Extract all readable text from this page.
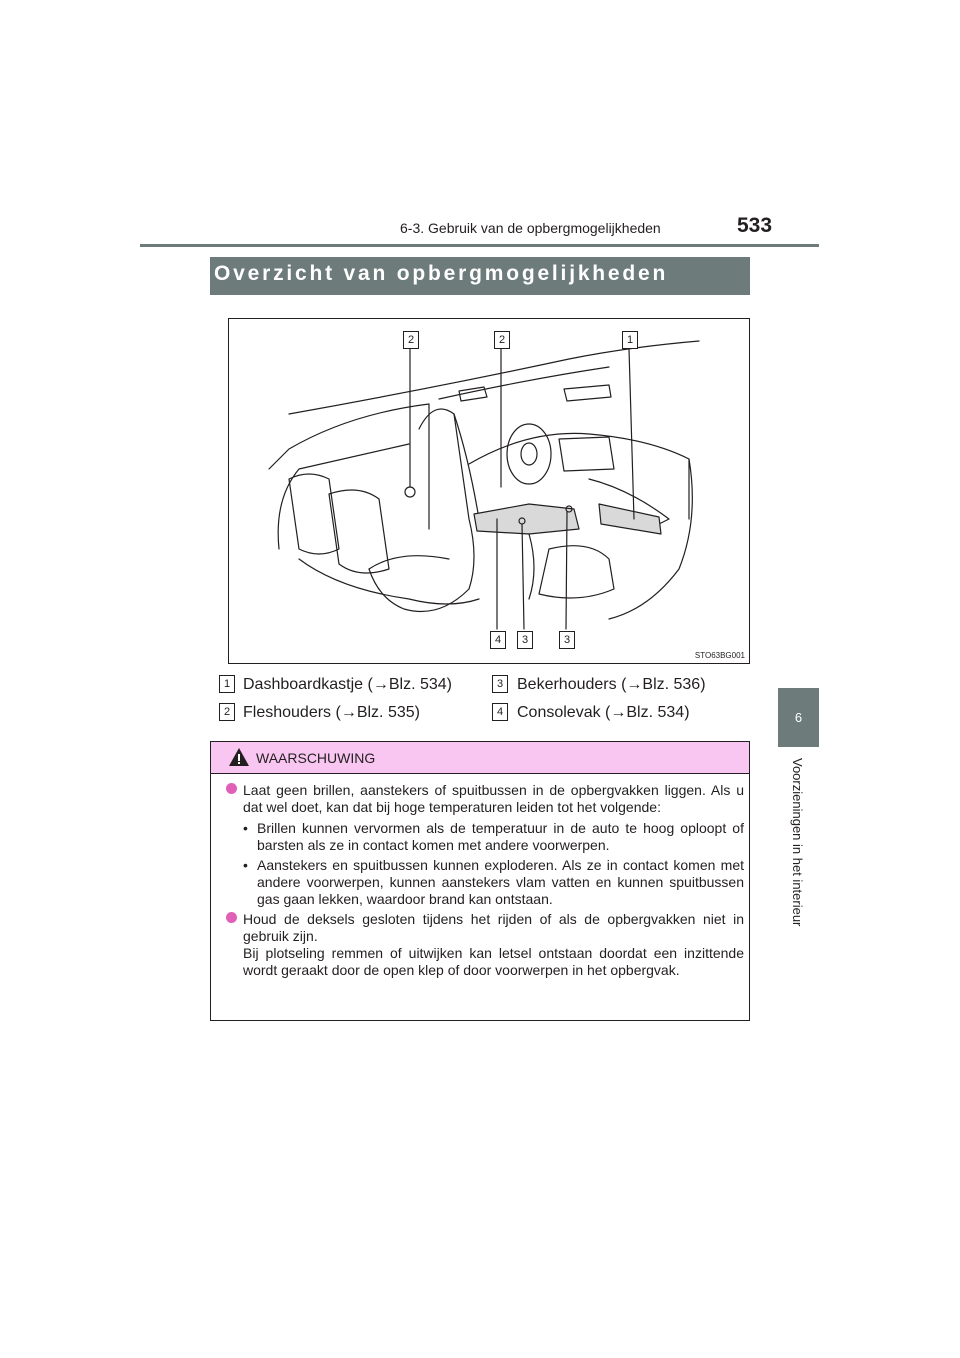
6-3. Gebruik van de opbergmogelijkheden	533
6
Voorzieningen in het interieur
Overzicht van opbergmogelijkheden
2	2	1
4	3	3
STO63BG001
1 Dashboardkastje (→Blz. 534)
2 Fleshouders (→Blz. 535)
3 Bekerhouders (→Blz. 536)
4 Consolevak (→Blz. 534)
WAARSCHUWING
Laat geen brillen, aanstekers of spuitbussen in de opbergvakken liggen. Als u dat wel doet, kan dat bij hoge temperaturen leiden tot het volgende:
• Brillen kunnen vervormen als de temperatuur in de auto te hoog oploopt of barsten als ze in contact komen met andere voorwerpen.
• Aanstekers en spuitbussen kunnen exploderen. Als ze in contact komen met andere voorwerpen, kunnen aanstekers vlam vatten en kunnen spuitbussen gas gaan lekken, waardoor brand kan ontstaan.
Houd de deksels gesloten tijdens het rijden of als de opbergvakken niet in gebruik zijn.
Bij plotseling remmen of uitwijken kan letsel ontstaan doordat een inzittende wordt geraakt door de open klep of door voorwerpen in het opbergvak.
